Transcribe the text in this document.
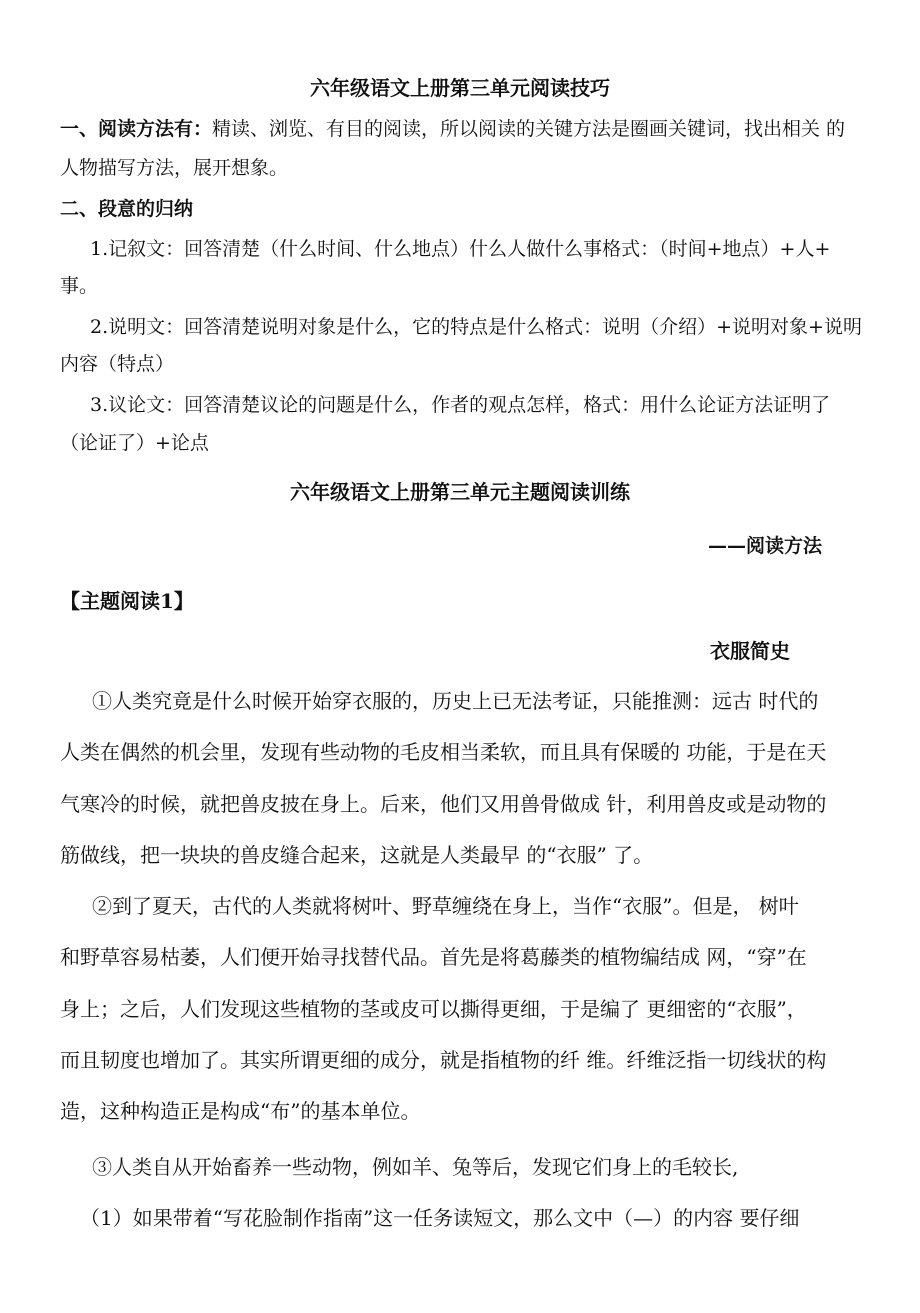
六年级语文上册第三单元阅读技巧
一、阅读方法有：精读、浏览、有目的阅读，所以阅读的关键方法是圈画关键词，找出相关 的
人物描写方法，展开想象。
二、段意的归纳
1.记叙文：回答清楚（什么时间、什么地点）什么人做什么事格式：（时间+地点）+人+
事。
2.说明文：回答清楚说明对象是什么，它的特点是什么格式：说明（介绍）+说明对象+说明
内容（特点）
3.议论文：回答清楚议论的问题是什么，作者的观点怎样，格式：用什么论证方法证明了
（论证了）+论点
六年级语文上册第三单元主题阅读训练
——阅读方法
【主题阅读1】
衣服简史
①人类究竟是什么时候开始穿衣服的，历史上已无法考证，只能推测：远古 时代的
人类在偶然的机会里，发现有些动物的毛皮相当柔软，而且具有保暖的 功能，于是在天
气寒冷的时候，就把兽皮披在身上。后来，他们又用兽骨做成 针，利用兽皮或是动物的
筋做线，把一块块的兽皮缝合起来，这就是人类最早 的“衣服” 了。
②到了夏天，古代的人类就将树叶、野草缠绕在身上，当作“衣服”。但是， 树叶
和野草容易枯萎，人们便开始寻找替代品。首先是将葛藤类的植物编结成 网，“穿”在
身上；之后，人们发现这些植物的茎或皮可以撕得更细，于是编了 更细密的“衣服”，
而且韧度也增加了。其实所谓更细的成分，就是指植物的纤 维。纤维泛指一切线状的构
造，这种构造正是构成“布”的基本单位。
③人类自从开始畜养一些动物，例如羊、兔等后，发现它们身上的毛较长,
（1）如果带着“写花脸制作指南”这一任务读短文，那么文中（—）的内容 要仔细
